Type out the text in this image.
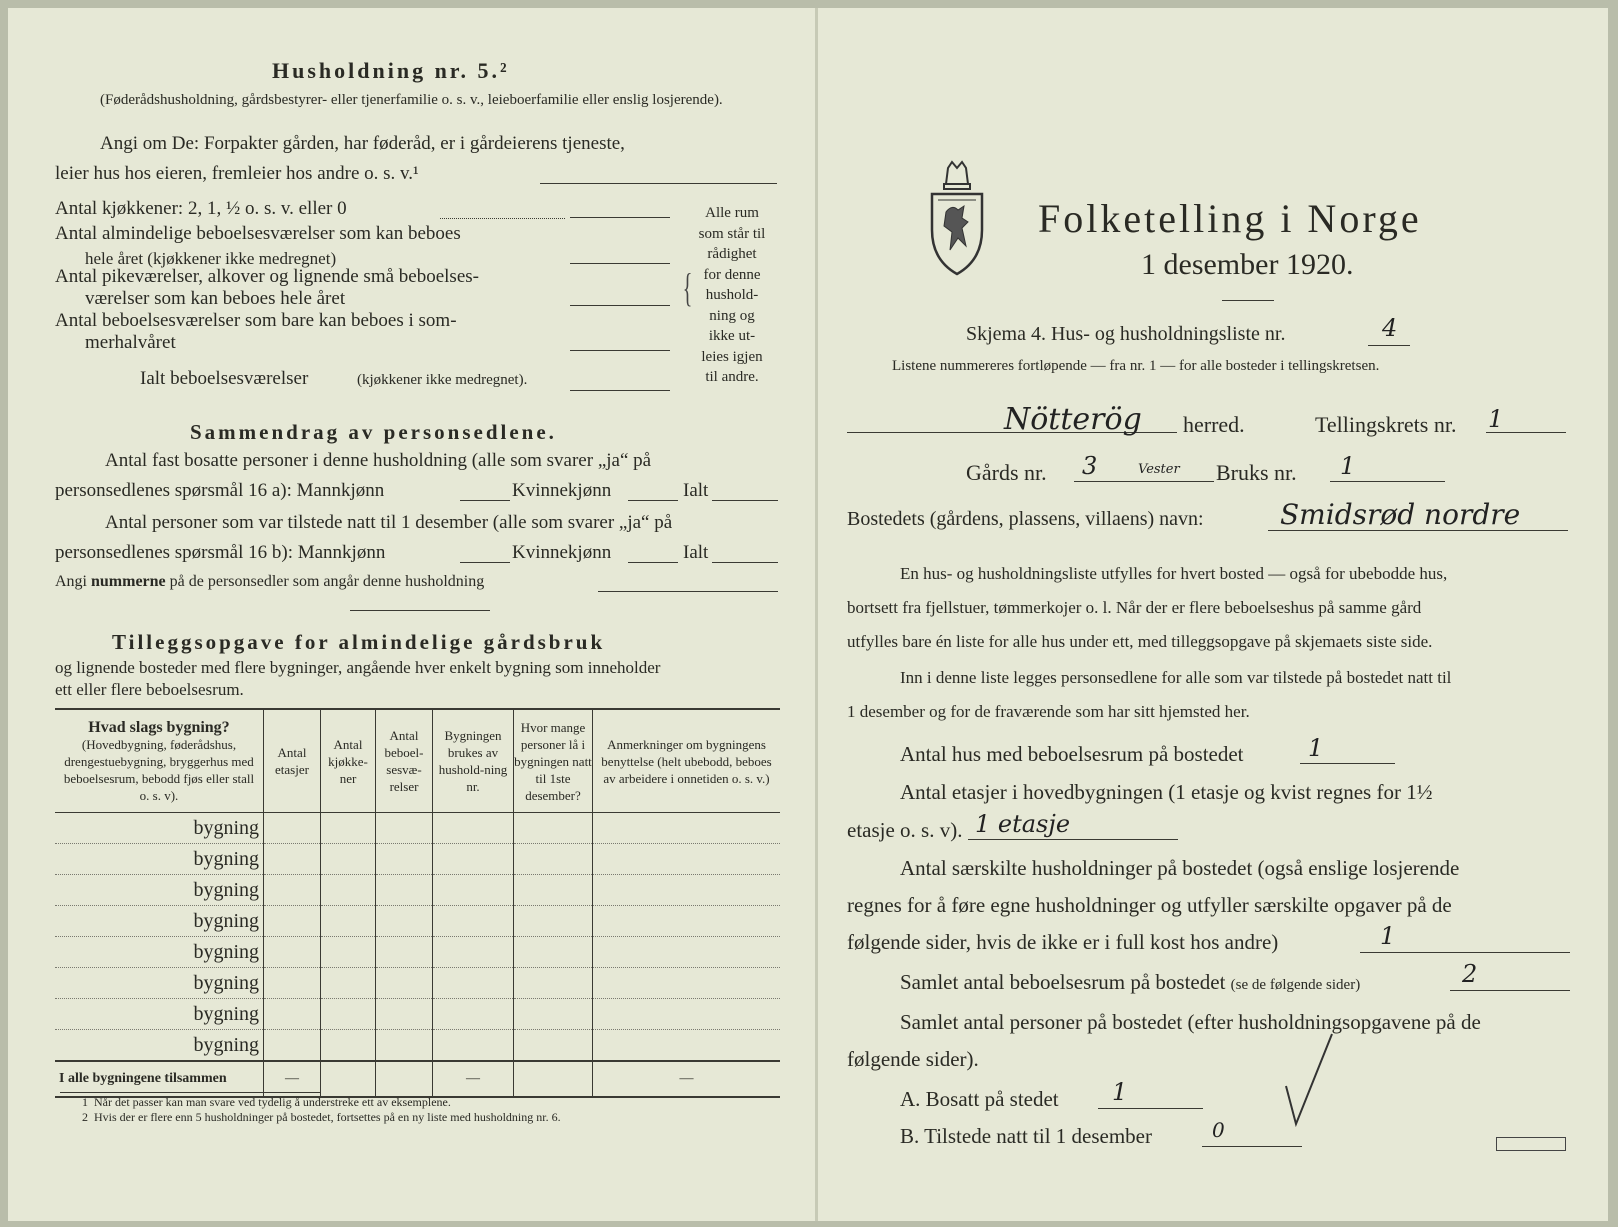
Husholdning nr. 5.²
(Føderådshusholdning, gårdsbestyrer- eller tjenerfamilie o. s. v., leieboerfamilie eller enslig losjerende).
Angi om De: Forpakter gården, har føderåd, er i gårdeierens tjeneste,
leier hus hos eieren, fremleier hos andre o. s. v.¹
Antal kjøkkener: 2, 1, ½ o. s. v. eller 0
Antal almindelige beboelsesværelser som kan beboes
hele året (kjøkkener ikke medregnet)
Antal pikeværelser, alkover og lignende små beboelses-
værelser som kan beboes hele året
Antal beboelsesværelser som bare kan beboes i som-
merhalvåret
Ialt beboelsesværelser	(kjøkkener ikke medregnet).
{
Alle rum
som står til
rådighet
for denne
hushold-
ning og
ikke ut-
leies igjen
til andre.
Sammendrag av personsedlene.
Antal fast bosatte personer i denne husholdning (alle som svarer „ja“ på
personsedlenes spørsmål 16 a): Mannkjønn	Kvinnekjønn	Ialt
Antal personer som var tilstede natt til 1 desember (alle som svarer „ja“ på
personsedlenes spørsmål 16 b): Mannkjønn	Kvinnekjønn	Ialt
Angi nummerne på de personsedler som angår denne husholdning
Tilleggsopgave for almindelige gårdsbruk
og lignende bosteder med flere bygninger, angående hver enkelt bygning som inneholder
ett eller flere beboelsesrum.
Hvad slags bygning?
(Hovedbygning, føderådshus, drengestuebygning, bryggerhus med beboelsesrum, bebodd fjøs eller stall o. s. v).	Antal etasjer	Antal kjøkke-ner	Antal beboel-sesvæ-relser	Bygningen brukes av hushold-ning nr.	Hvor mange personer lå i bygningen natt til 1ste desember?	Anmerkninger om bygningens benyttelse (helt ubebodd, beboes av arbeidere i onnetiden o. s. v.)
bygning						
bygning						
bygning						
bygning						
bygning						
bygning						
bygning						
bygning						
I alle bygningene tilsammen	—			—		—
1 Når det passer kan man svare ved tydelig å understreke ett av eksemplene.
2 Hvis der er flere enn 5 husholdninger på bostedet, fortsettes på en ny liste med husholdning nr. 6.
Folketelling i Norge
1 desember 1920.
Skjema 4. Hus- og husholdningsliste nr.	4
Listene nummereres fortløpende — fra nr. 1 — for alle bosteder i tellingskretsen.
Nötterög herred.	Tellingskrets nr. 1
Gårds nr. 3	Vester Bruks nr. 1
Bostedets (gårdens, plassens, villaens) navn:	Smidsrød nordre
En hus- og husholdningsliste utfylles for hvert bosted — også for ubebodde hus,
bortsett fra fjellstuer, tømmerkojer o. l. Når der er flere beboelseshus på samme gård
utfylles bare én liste for alle hus under ett, med tilleggsopgave på skjemaets siste side.
Inn i denne liste legges personsedlene for alle som var tilstede på bostedet natt til
1 desember og for de fraværende som har sitt hjemsted her.
Antal hus med beboelsesrum på bostedet	1
Antal etasjer i hovedbygningen (1 etasje og kvist regnes for 1½
etasje o. s. v). 1 etasje
Antal særskilte husholdninger på bostedet (også enslige losjerende
regnes for å føre egne husholdninger og utfyller særskilte opgaver på de
følgende sider, hvis de ikke er i full kost hos andre)	1
Samlet antal beboelsesrum på bostedet (se de følgende sider)	2
Samlet antal personer på bostedet (efter husholdningsopgavene på de
følgende sider).
A. Bosatt på stedet 1
B. Tilstede natt til 1 desember	0
